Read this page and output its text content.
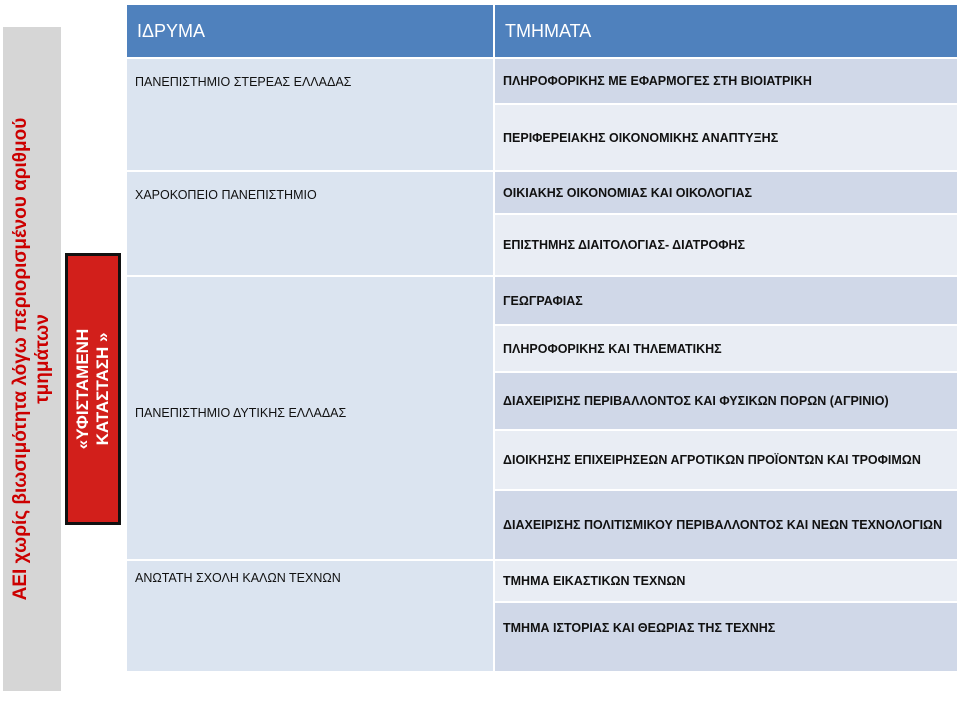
ΑΕΙ χωρίς βιωσιμότητα λόγω περιορισμένου αριθμού τμημάτων «ΥΦΙΣΤΑΜΕΝΗ ΚΑΤΑΣΤΑΣΗ »
ΙΔΡΥΜΑ	ΤΜΗΜΑΤΑ
ΠΑΝΕΠΙΣΤΗΜΙΟ ΣΤΕΡΕΑΣ ΕΛΛΑΔΑΣ	ΠΛΗΡΟΦΟΡΙΚΗΣ ΜΕ ΕΦΑΡΜΟΓΕΣ ΣΤΗ ΒΙΟΙΑΤΡΙΚΗ
	ΠΕΡΙΦΕΡΕΙΑΚΗΣ ΟΙΚΟΝΟΜΙΚΗΣ ΑΝΑΠΤΥΞΗΣ
ΧΑΡΟΚΟΠΕΙΟ ΠΑΝΕΠΙΣΤΗΜΙΟ	ΟΙΚΙΑΚΗΣ ΟΙΚΟΝΟΜΙΑΣ ΚΑΙ ΟΙΚΟΛΟΓΙΑΣ
	ΕΠΙΣΤΗΜΗΣ ΔΙΑΙΤΟΛΟΓΙΑΣ- ΔΙΑΤΡΟΦΗΣ

ΠΑΝΕΠΙΣΤΗΜΙΟ ΔΥΤΙΚΗΣ ΕΛΛΑΔΑΣ	ΓΕΩΓΡΑΦΙΑΣ
	ΠΛΗΡΟΦΟΡΙΚΗΣ ΚΑΙ ΤΗΛΕΜΑΤΙΚΗΣ
	ΔΙΑΧΕΙΡΙΣΗΣ ΠΕΡΙΒΑΛΛΟΝΤΟΣ ΚΑΙ ΦΥΣΙΚΩΝ ΠΟΡΩΝ (ΑΓΡΙΝΙΟ)
	ΔΙΟΙΚΗΣΗΣ ΕΠΙΧΕΙΡΗΣΕΩΝ ΑΓΡΟΤΙΚΩΝ ΠΡΟΪΟΝΤΩΝ ΚΑΙ ΤΡΟΦΙΜΩΝ
	ΔΙΑΧΕΙΡΙΣΗΣ ΠΟΛΙΤΙΣΜΙΚΟΥ ΠΕΡΙΒΑΛΛΟΝΤΟΣ ΚΑΙ ΝΕΩΝ ΤΕΧΝΟΛΟΓΙΩΝ
ΑΝΩΤΑΤΗ ΣΧΟΛΗ ΚΑΛΩΝ ΤΕΧΝΩΝ	ΤΜΗΜΑ ΕΙΚΑΣΤΙΚΩΝ ΤΕΧΝΩΝ
	ΤΜΗΜΑ ΙΣΤΟΡΙΑΣ ΚΑΙ ΘΕΩΡΙΑΣ ΤΗΣ ΤΕΧΝΗΣ
